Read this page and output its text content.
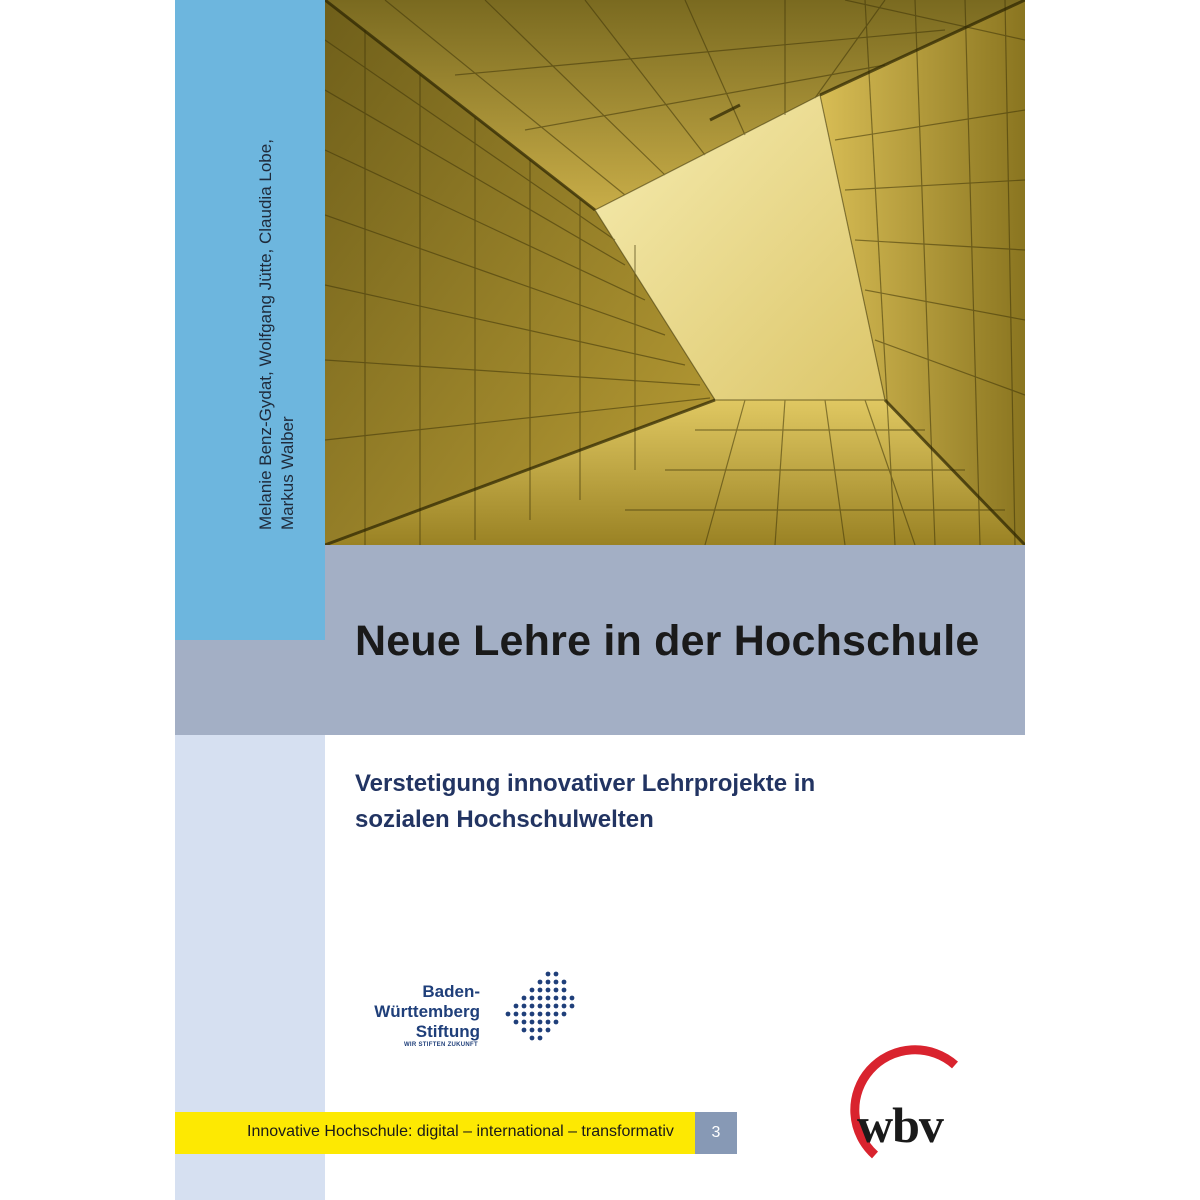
Melanie Benz-Gydat, Wolfgang Jütte, Claudia Lobe, Markus Walber
Neue Lehre in der Hochschule
Verstetigung innovativer Lehrprojekte in sozialen Hochschulwelten
Baden-
Württemberg
Stiftung
WIR STIFTEN ZUKUNFT
Innovative Hochschule: digital – international – transformativ	3	wbv
